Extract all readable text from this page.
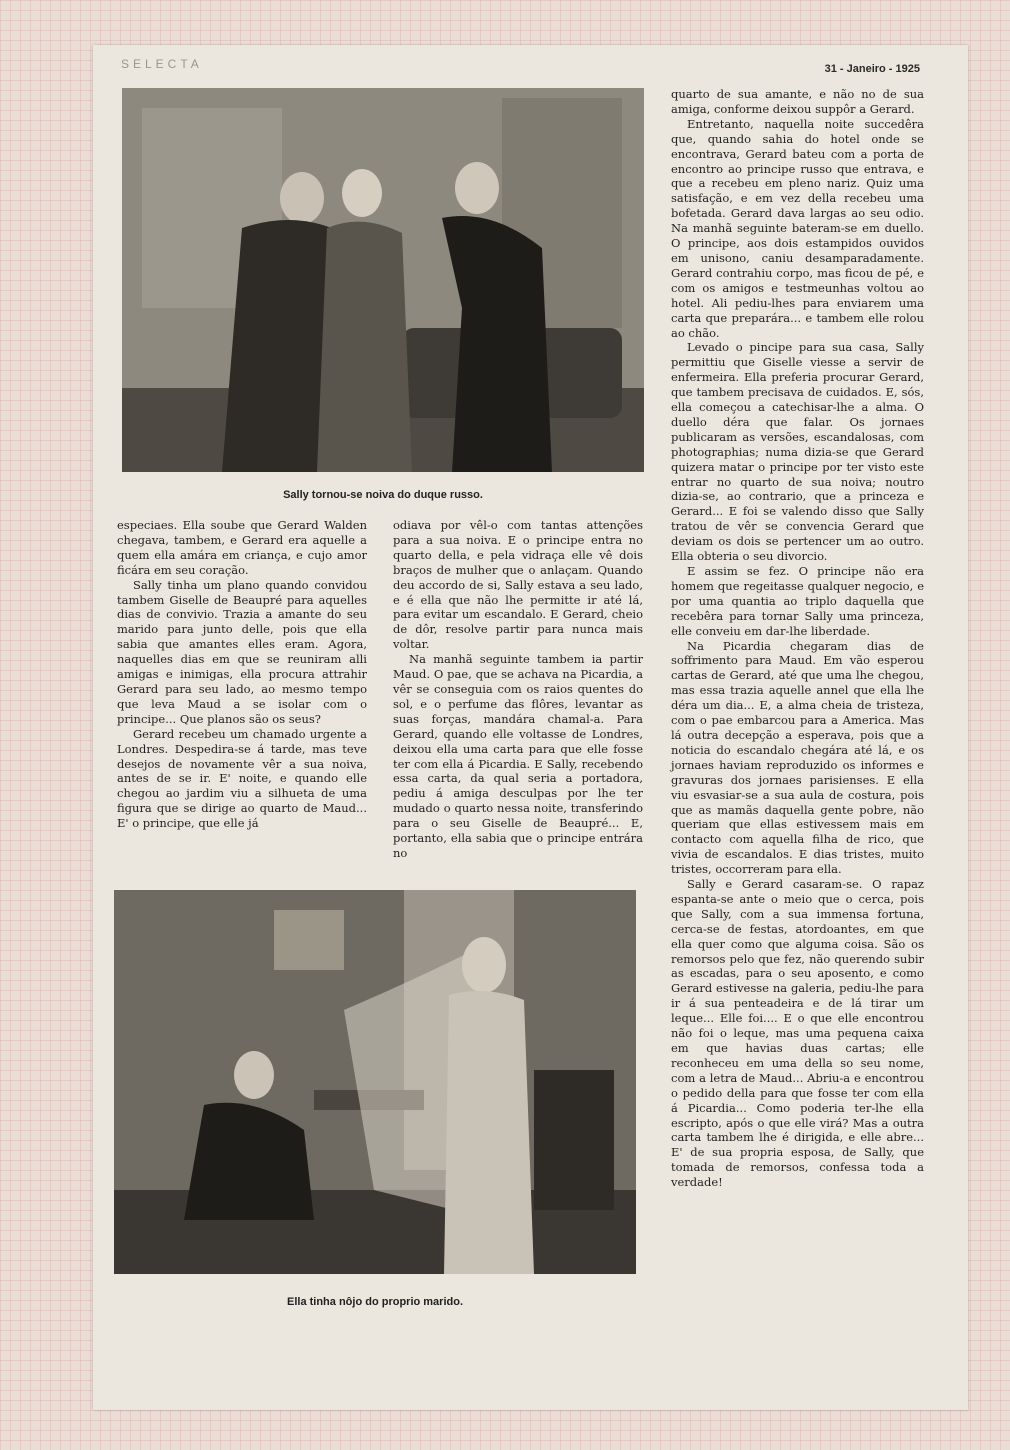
SELECTA	31 - Janeiro - 1925
Sally tornou-se noiva do duque russo.

especiaes. Ella soube que Gerard Walden chegava, tambem, e Gerard era aquelle a quem ella amára em criança, e cujo amor ficára em seu coração.

Sally tinha um plano quando convidou tambem Giselle de Beaupré para aquelles dias de convivio. Trazia a amante do seu marido para junto delle, pois que ella sabia que amantes elles eram. Agora, naquelles dias em que se reuniram alli amigas e inimigas, ella procura attrahir Gerard para seu lado, ao mesmo tempo que leva Maud a se isolar com o principe... Que planos são os seus?

Gerard recebeu um chamado urgente a Londres. Despedira-se á tarde, mas teve desejos de novamente vêr a sua noiva, antes de se ir. E' noite, e quando elle chegou ao jardim viu a silhueta de uma figura que se dirige ao quarto de Maud... E' o principe, que elle já

odiava por vêl-o com tantas attenções para a sua noiva. E o principe entra no quarto della, e pela vidraça elle vê dois braços de mulher que o anlaçam. Quando deu accordo de si, Sally estava a seu lado, e é ella que não lhe permitte ir até lá, para evitar um escandalo. E Gerard, cheio de dôr, resolve partir para nunca mais voltar.

Na manhã seguinte tambem ia partir Maud. O pae, que se achava na Picardia, a vêr se conseguia com os raios quentes do sol, e o perfume das flôres, levantar as suas forças, mandára chamal-a. Para Gerard, quando elle voltasse de Londres, deixou ella uma carta para que elle fosse ter com ella á Picardia. E Sally, recebendo essa carta, da qual seria a portadora, pediu á amiga desculpas por lhe ter mudado o quarto nessa noite, transferindo para o seu Giselle de Beaupré... E, portanto, ella sabia que o principe entrára no

quarto de sua amante, e não no de sua amiga, conforme deixou suppôr a Gerard.

Entretanto, naquella noite succedêra que, quando sahia do hotel onde se encontrava, Gerard bateu com a porta de encontro ao principe russo que entrava, e que a recebeu em pleno nariz. Quiz uma satisfação, e em vez della recebeu uma bofetada. Gerard dava largas ao seu odio. Na manhã seguinte bateram-se em duello. O principe, aos dois estampidos ouvidos em unisono, caniu desamparadamente. Gerard contrahiu corpo, mas ficou de pé, e com os amigos e testmeunhas voltou ao hotel. Ali pediu-lhes para enviarem uma carta que preparára... e tambem elle rolou ao chão.

Levado o pincipe para sua casa, Sally permittiu que Giselle viesse a servir de enfermeira. Ella preferia procurar Gerard, que tambem precisava de cuidados. E, sós, ella começou a catechisar-lhe a alma. O duello déra que falar. Os jornaes publicaram as versões, escandalosas, com photographias; numa dizia-se que Gerard quizera matar o principe por ter visto este entrar no quarto de sua noiva; noutro dizia-se, ao contrario, que a princeza e Gerard... E foi se valendo disso que Sally tratou de vêr se convencia Gerard que deviam os dois se pertencer um ao outro. Ella obteria o seu divorcio.

E assim se fez. O principe não era homem que regeitasse qualquer negocio, e por uma quantia ao triplo daquella que recebêra para tornar Sally uma princeza, elle conveiu em dar-lhe liberdade.

Na Picardia chegaram dias de soffrimento para Maud. Em vão esperou cartas de Gerard, até que uma lhe chegou, mas essa trazia aquelle annel que ella lhe déra um dia... E, a alma cheia de tristeza, com o pae embarcou para a America. Mas lá outra decepção a esperava, pois que a noticia do escandalo chegára até lá, e os jornaes haviam reproduzido os informes e gravuras dos jornaes parisienses. E ella viu esvasiar-se a sua aula de costura, pois que as mamãs daquella gente pobre, não queriam que ellas estivessem mais em contacto com aquella filha de rico, que vivia de escandalos. E dias tristes, muito tristes, occorreram para ella.

Sally e Gerard casaram-se. O rapaz espanta-se ante o meio que o cerca, pois que Sally, com a sua immensa fortuna, cerca-se de festas, atordoantes, em que ella quer como que alguma coisa. São os remorsos pelo que fez, não querendo subir as escadas, para o seu aposento, e como Gerard estivesse na galeria, pediu-lhe para ir á sua penteadeira e de lá tirar um leque... Elle foi.... E o que elle encontrou não foi o leque, mas uma pequena caixa em que havias duas cartas; elle reconheceu em uma della so seu nome, com a letra de Maud... Abriu-a e encontrou o pedido della para que fosse ter com ella á Picardia... Como poderia ter-lhe ella escripto, após o que elle virá? Mas a outra carta tambem lhe é dirigida, e elle abre... E' de sua propria esposa, de Sally, que tomada de remorsos, confessa toda a verdade!

Ella tinha nôjo do proprio marido.
